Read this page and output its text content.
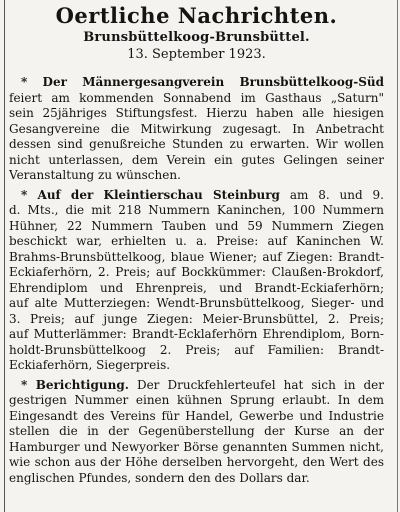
Oertliche Nachrichten.
Brunsbüttelkoog-Brunsbüttel.
13. September 1923.
* Der Männergesangverein Brunsbüttelkoog-Süd
feiert am kommenden Sonnabend im Gasthaus „Saturn"
sein 25jähriges Stiftungsfest. Hierzu haben alle hiesigen
Gesangvereine die Mitwirkung zugesagt. In Anbetracht
dessen sind genußreiche Stunden zu erwarten. Wir wollen
nicht unterlassen, dem Verein ein gutes Gelingen seiner
Veranstaltung zu wünschen.
* Auf der Kleintierschau Steinburg am 8. und 9.
d. Mts., die mit 218 Nummern Kaninchen, 100 Nummern
Hühner, 22 Nummern Tauben und 59 Nummern Ziegen
beschickt war, erhielten u. a. Preise: auf Kaninchen W.
Brahms-Brunsbüttelkoog, blaue Wiener; auf Ziegen: Brandt-
Eckiaferhörn, 2. Preis; auf Bockkümmer: Claußen-Brokdorf,
Ehrendiplom und Ehrenpreis, und Brandt-Eckiaferhörn;
auf alte Mutterziegen: Wendt-Brunsbüttelkoog, Sieger- und
3. Preis; auf junge Ziegen: Meier-Brunsbüttel, 2. Preis;
auf Mutterlämmer: Brandt-Ecklaferhörn Ehrendiplom, Born-
holdt-Brunsbüttelkoog 2. Preis; auf Familien: Brandt-
Eckiaferhörn, Siegerpreis.
* Berichtigung. Der Druckfehlerteufel hat sich in der
gestrigen Nummer einen kühnen Sprung erlaubt. In dem
Eingesandt des Vereins für Handel, Gewerbe und Industrie
stellen die in der Gegenüberstellung der Kurse an der
Hamburger und Newyorker Börse genannten Summen nicht,
wie schon aus der Höhe derselben hervorgeht, den Wert des
englischen Pfundes, sondern den des Dollars dar.
